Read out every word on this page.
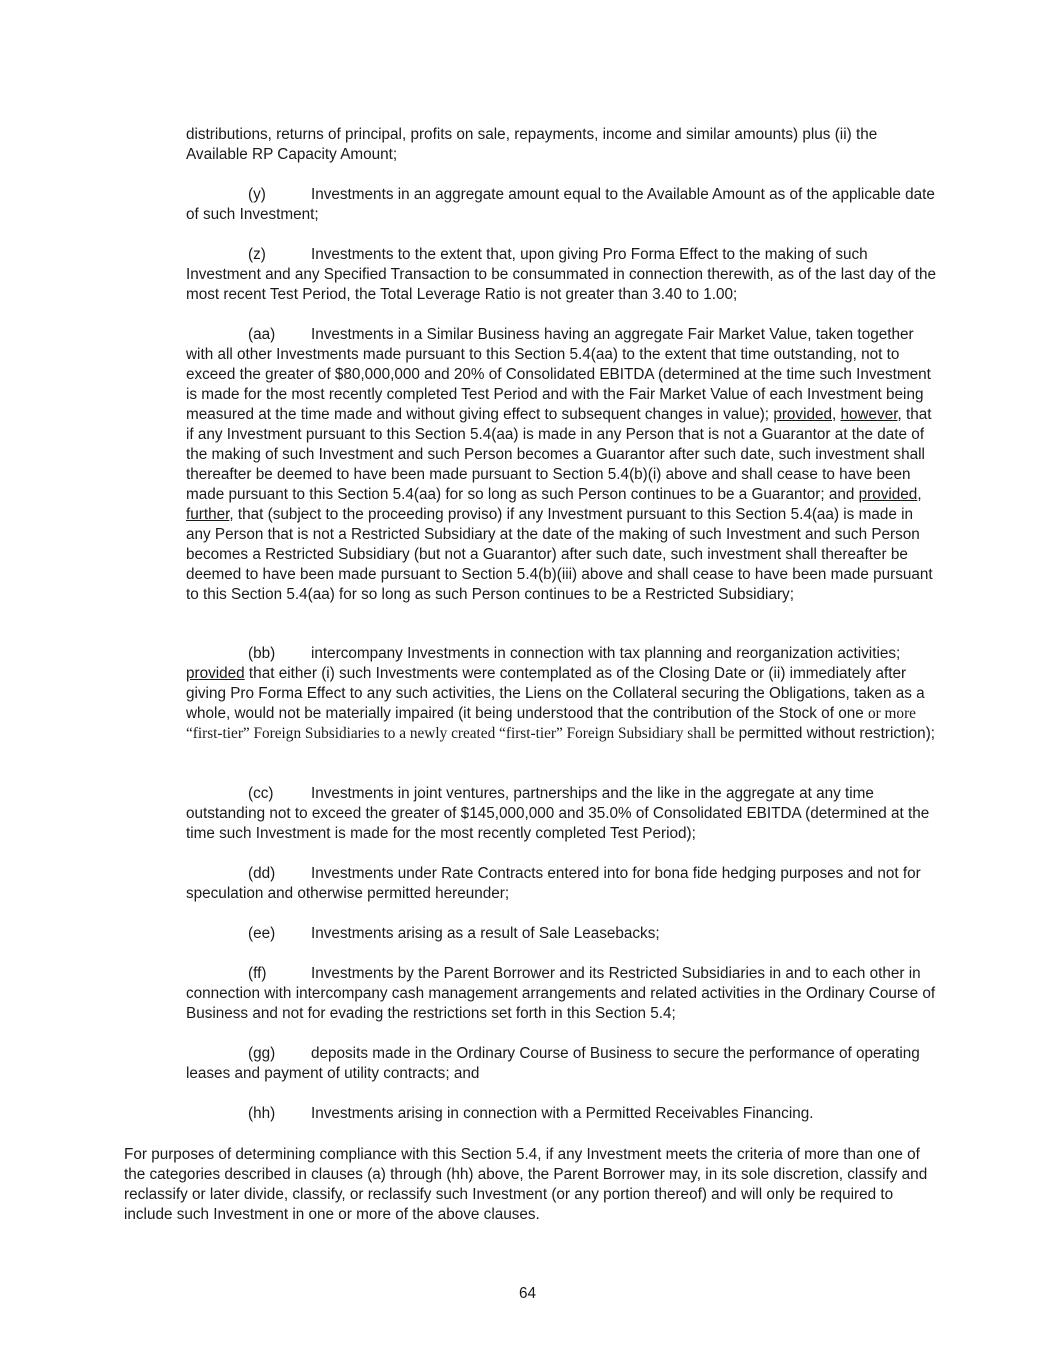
distributions, returns of principal, profits on sale, repayments, income and similar amounts) plus (ii) the Available RP Capacity Amount;

(y)	Investments in an aggregate amount equal to the Available Amount as of the applicable date of such Investment;

(z)	Investments to the extent that, upon giving Pro Forma Effect to the making of such Investment and any Specified Transaction to be consummated in connection therewith, as of the last day of the most recent Test Period, the Total Leverage Ratio is not greater than 3.40 to 1.00;

(aa) Investments in a Similar Business having an aggregate Fair Market Value, taken together with all other Investments made pursuant to this Section 5.4(aa) to the extent that time outstanding, not to exceed the greater of $80,000,000 and 20% of Consolidated EBITDA (determined at the time such Investment is made for the most recently completed Test Period and with the Fair Market Value of each Investment being measured at the time made and without giving effect to subsequent changes in value); provided, however, that if any Investment pursuant to this Section 5.4(aa) is made in any Person that is not a Guarantor at the date of the making of such Investment and such Person becomes a Guarantor after such date, such investment shall thereafter be deemed to have been made pursuant to Section 5.4(b)(i) above and shall cease to have been made pursuant to this Section 5.4(aa) for so long as such Person continues to be a Guarantor; and provided, further, that (subject to the proceeding proviso) if any Investment pursuant to this Section 5.4(aa) is made in any Person that is not a Restricted Subsidiary at the date of the making of such Investment and such Person becomes a Restricted Subsidiary (but not a Guarantor) after such date, such investment shall thereafter be deemed to have been made pursuant to Section 5.4(b)(iii) above and shall cease to have been made pursuant to this Section 5.4(aa) for so long as such Person continues to be a Restricted Subsidiary;

(bb) intercompany Investments in connection with tax planning and reorganization activities; provided that either (i) such Investments were contemplated as of the Closing Date or (ii) immediately after giving Pro Forma Effect to any such activities, the Liens on the Collateral securing the Obligations, taken as a whole, would not be materially impaired (it being understood that the contribution of the Stock of one or more “first-tier” Foreign Subsidiaries to a newly created “first-tier” Foreign Subsidiary shall be permitted without restriction);

(cc) Investments in joint ventures, partnerships and the like in the aggregate at any time outstanding not to exceed the greater of $145,000,000 and 35.0% of Consolidated EBITDA (determined at the time such Investment is made for the most recently completed Test Period);

(dd) Investments under Rate Contracts entered into for bona fide hedging purposes and not for speculation and otherwise permitted hereunder;

(ee) Investments arising as a result of Sale Leasebacks;

(ff)	Investments by the Parent Borrower and its Restricted Subsidiaries in and to each other in connection with intercompany cash management arrangements and related activities in the Ordinary Course of Business and not for evading the restrictions set forth in this Section 5.4;

(gg) deposits made in the Ordinary Course of Business to secure the performance of operating leases and payment of utility contracts; and

(hh) Investments arising in connection with a Permitted Receivables Financing.

For purposes of determining compliance with this Section 5.4, if any Investment meets the criteria of more than one of the categories described in clauses (a) through (hh) above, the Parent Borrower may, in its sole discretion, classify and reclassify or later divide, classify, or reclassify such Investment (or any portion thereof) and will only be required to include such Investment in one or more of the above clauses.

64
